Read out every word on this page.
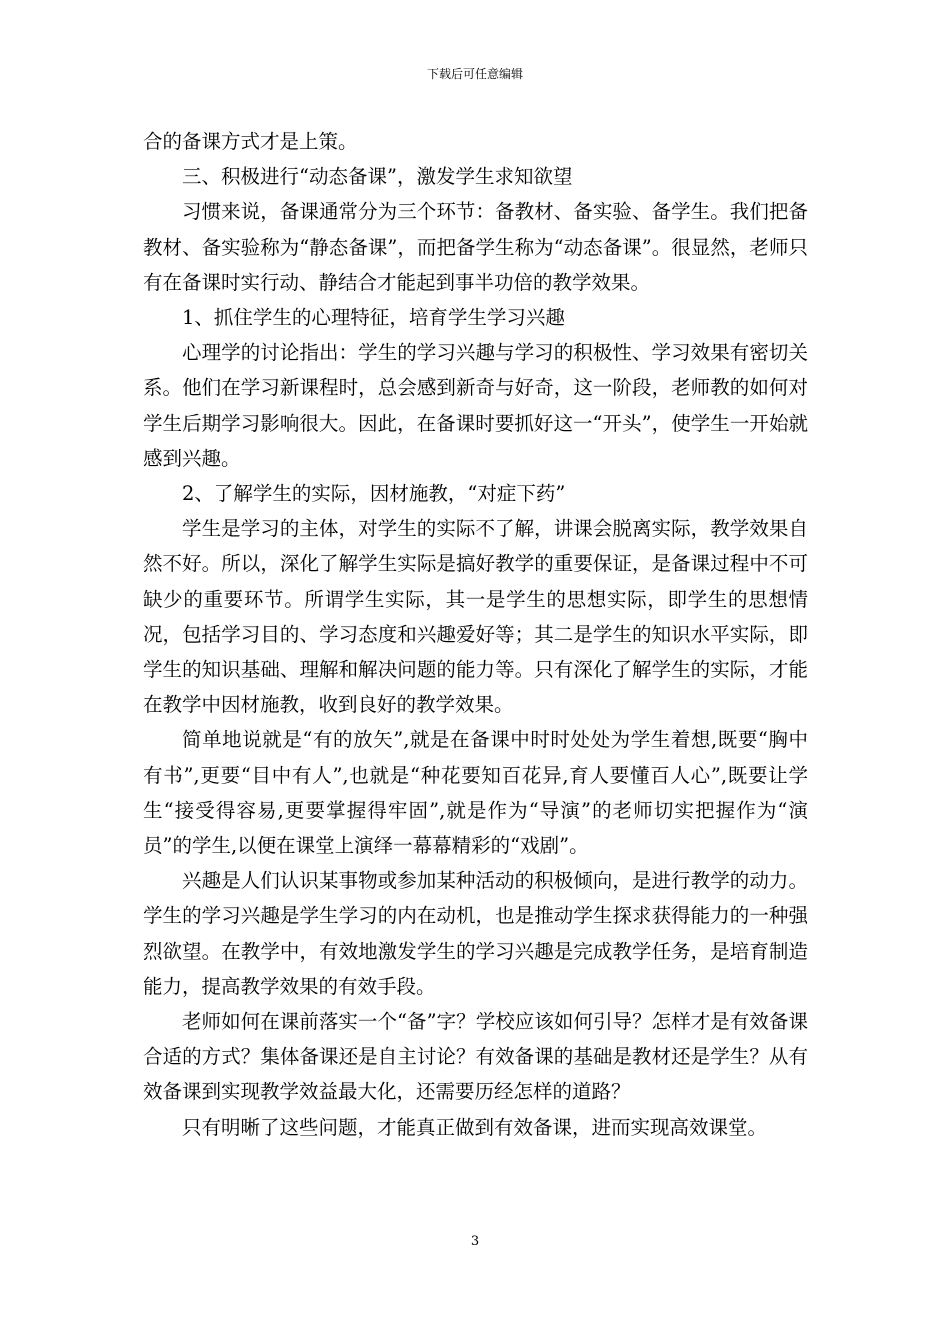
下载后可任意编辑

合的备课方式才是上策。

三、积极进行“动态备课”，激发学生求知欲望

习惯来说，备课通常分为三个环节：备教材、备实验、备学生。我们把备教材、备实验称为“静态备课”，而把备学生称为“动态备课”。很显然，老师只有在备课时实行动、静结合才能起到事半功倍的教学效果。

1、抓住学生的心理特征，培育学生学习兴趣

心理学的讨论指出：学生的学习兴趣与学习的积极性、学习效果有密切关系。他们在学习新课程时，总会感到新奇与好奇，这一阶段，老师教的如何对学生后期学习影响很大。因此，在备课时要抓好这一“开头”，使学生一开始就感到兴趣。

2、了解学生的实际，因材施教，“对症下药”

学生是学习的主体，对学生的实际不了解，讲课会脱离实际，教学效果自然不好。所以，深化了解学生实际是搞好教学的重要保证，是备课过程中不可缺少的重要环节。所谓学生实际，其一是学生的思想实际，即学生的思想情况，包括学习目的、学习态度和兴趣爱好等；其二是学生的知识水平实际，即学生的知识基础、理解和解决问题的能力等。只有深化了解学生的实际，才能在教学中因材施教，收到良好的教学效果。

简单地说就是“有的放矢”,就是在备课中时时处处为学生着想,既要“胸中有书”,更要“目中有人”,也就是“种花要知百花异,育人要懂百人心”,既要让学生“接受得容易,更要掌握得牢固”,就是作为“导演”的老师切实把握作为“演员”的学生,以便在课堂上演绎一幕幕精彩的“戏剧”。

兴趣是人们认识某事物或参加某种活动的积极倾向，是进行教学的动力。学生的学习兴趣是学生学习的内在动机，也是推动学生探求获得能力的一种强烈欲望。在教学中，有效地激发学生的学习兴趣是完成教学任务，是培育制造能力，提高教学效果的有效手段。

老师如何在课前落实一个“备”字？学校应该如何引导？怎样才是有效备课合适的方式？集体备课还是自主讨论？有效备课的基础是教材还是学生？从有效备课到实现教学效益最大化，还需要历经怎样的道路？

只有明晰了这些问题，才能真正做到有效备课，进而实现高效课堂。

3
